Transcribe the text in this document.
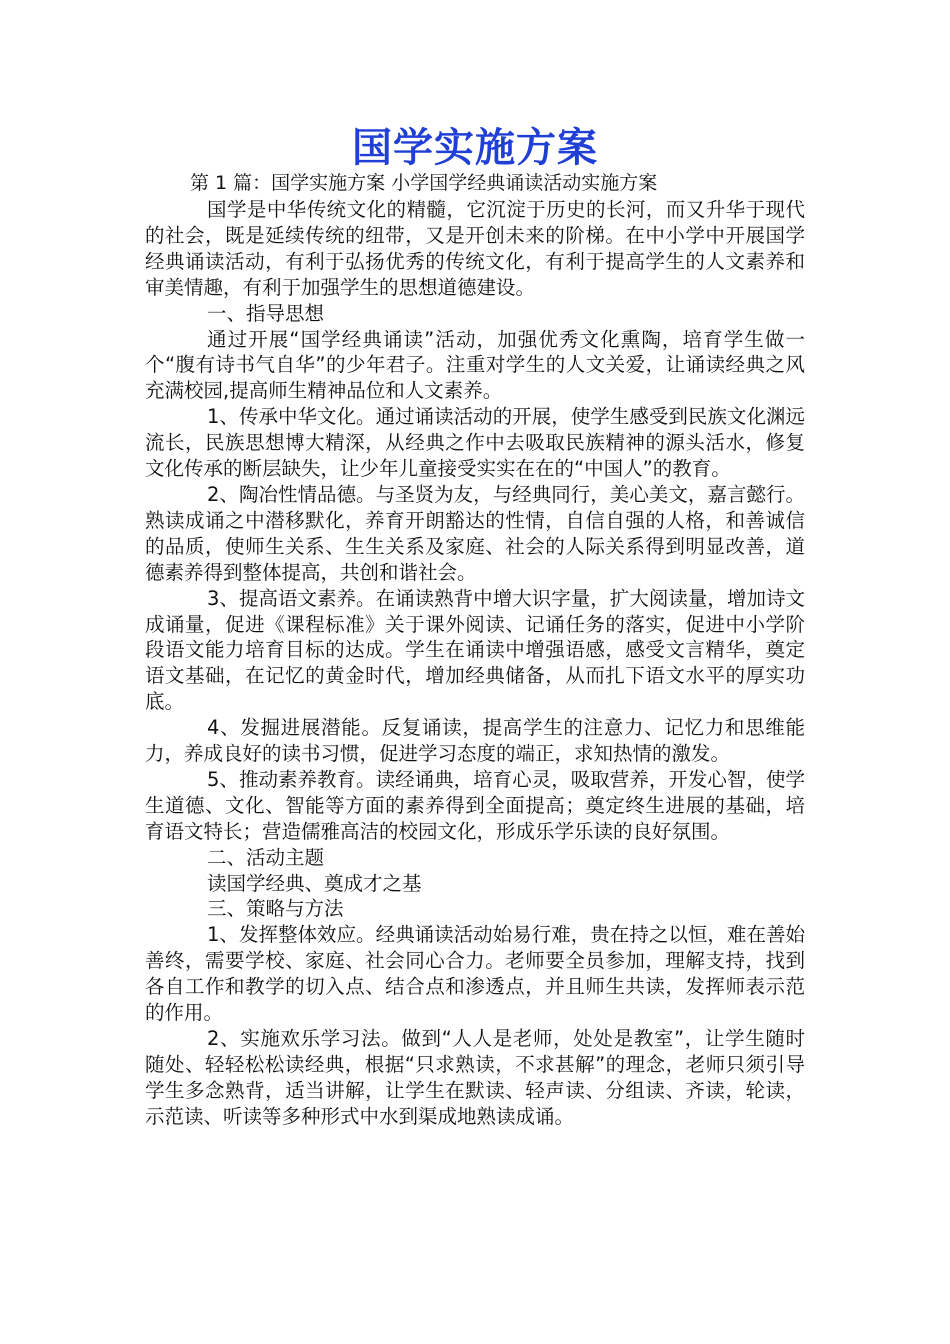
国学实施方案
第 1 篇：国学实施方案 小学国学经典诵读活动实施方案

国学是中华传统文化的精髓，它沉淀于历史的长河，而又升华于现代的社会，既是延续传统的纽带，又是开创未来的阶梯。在中小学中开展国学经典诵读活动，有利于弘扬优秀的传统文化，有利于提高学生的人文素养和审美情趣，有利于加强学生的思想道德建设。

一、指导思想

通过开展“国学经典诵读”活动，加强优秀文化熏陶，培育学生做一个“腹有诗书气自华”的少年君子。注重对学生的人文关爱，让诵读经典之风充满校园,提高师生精神品位和人文素养。

1、传承中华文化。通过诵读活动的开展，使学生感受到民族文化渊远流长，民族思想博大精深，从经典之作中去吸取民族精神的源头活水，修复文化传承的断层缺失，让少年儿童接受实实在在的“中国人”的教育。

2、陶冶性情品德。与圣贤为友，与经典同行，美心美文，嘉言懿行。熟读成诵之中潜移默化，养育开朗豁达的性情，自信自强的人格，和善诚信的品质，使师生关系、生生关系及家庭、社会的人际关系得到明显改善，道德素养得到整体提高，共创和谐社会。

3、提高语文素养。在诵读熟背中增大识字量，扩大阅读量，增加诗文成诵量，促进《课程标准》关于课外阅读、记诵任务的落实，促进中小学阶段语文能力培育目标的达成。学生在诵读中增强语感，感受文言精华，奠定语文基础，在记忆的黄金时代，增加经典储备，从而扎下语文水平的厚实功底。

4、发掘进展潜能。反复诵读，提高学生的注意力、记忆力和思维能力，养成良好的读书习惯，促进学习态度的端正，求知热情的激发。

5、推动素养教育。读经诵典，培育心灵，吸取营养，开发心智，使学生道德、文化、智能等方面的素养得到全面提高；奠定终生进展的基础，培育语文特长；营造儒雅高洁的校园文化，形成乐学乐读的良好氛围。

二、活动主题

读国学经典、奠成才之基

三、策略与方法

1、发挥整体效应。经典诵读活动始易行难，贵在持之以恒，难在善始善终，需要学校、家庭、社会同心合力。老师要全员参加，理解支持，找到各自工作和教学的切入点、结合点和渗透点，并且师生共读，发挥师表示范的作用。

2、实施欢乐学习法。做到“人人是老师，处处是教室”，让学生随时随处、轻轻松松读经典，根据“只求熟读，不求甚解”的理念，老师只须引导学生多念熟背，适当讲解，让学生在默读、轻声读、分组读、齐读，轮读，示范读、听读等多种形式中水到渠成地熟读成诵。
